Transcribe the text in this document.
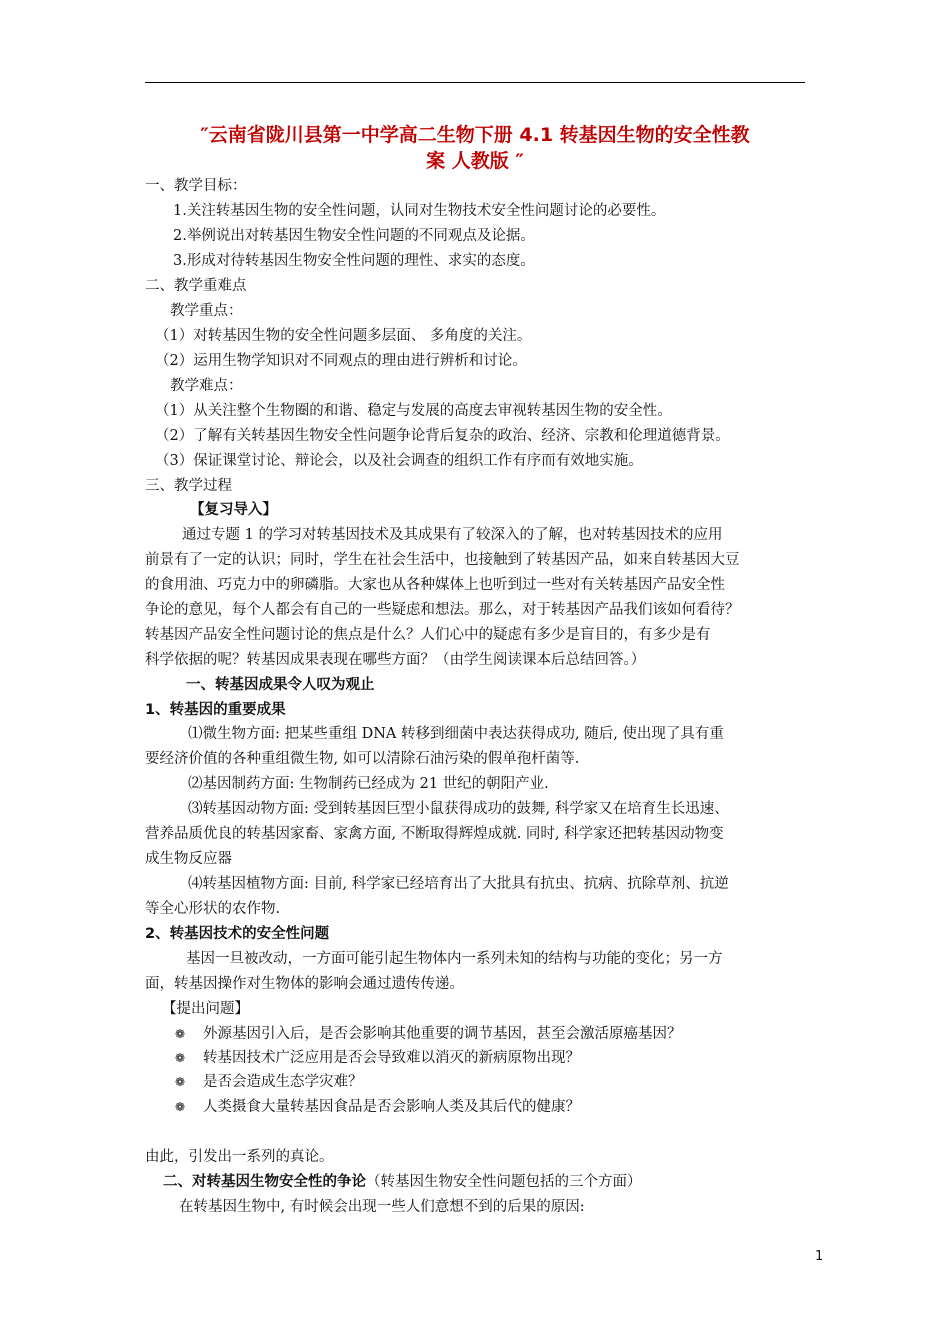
″云南省陇川县第一中学高二生物下册 4.1 转基因生物的安全性教
案 人教版 ″
一、教学目标：
1.关注转基因生物的安全性问题，认同对生物技术安全性问题讨论的必要性。
2.举例说出对转基因生物安全性问题的不同观点及论据。
3.形成对待转基因生物安全性问题的理性、求实的态度。
二、教学重难点
教学重点：
（1）对转基因生物的安全性问题多层面、 多角度的关注。
（2）运用生物学知识对不同观点的理由进行辨析和讨论。
教学难点：
（1）从关注整个生物圈的和谐、稳定与发展的高度去审视转基因生物的安全性。
（2）了解有关转基因生物安全性问题争论背后复杂的政治、经济、宗教和伦理道德背景。
（3）保证课堂讨论、辩论会，以及社会调查的组织工作有序而有效地实施。
三、教学过程
【复习导入】
通过专题 1 的学习对转基因技术及其成果有了较深入的了解，也对转基因技术的应用
前景有了一定的认识；同时，学生在社会生活中，也接触到了转基因产品，如来自转基因大豆
的食用油、巧克力中的卵磷脂。大家也从各种媒体上也听到过一些对有关转基因产品安全性
争论的意见，每个人都会有自己的一些疑虑和想法。那么，对于转基因产品我们该如何看待？
转基因产品安全性问题讨论的焦点是什么？人们心中的疑虑有多少是盲目的，有多少是有
科学依据的呢？转基因成果表现在哪些方面？（由学生阅读课本后总结回答。）
一、转基因成果令人叹为观止
1、转基因的重要成果
⑴微生物方面: 把某些重组 DNA 转移到细菌中表达获得成功, 随后, 使出现了具有重
要经济价值的各种重组微生物, 如可以清除石油污染的假单孢杆菌等.
⑵基因制药方面: 生物制药已经成为 21 世纪的朝阳产业.
⑶转基因动物方面: 受到转基因巨型小鼠获得成功的鼓舞, 科学家又在培育生长迅速、
营养品质优良的转基因家畜、家禽方面, 不断取得辉煌成就. 同时, 科学家还把转基因动物变
成生物反应器
⑷转基因植物方面: 目前, 科学家已经培育出了大批具有抗虫、抗病、抗除草剂、抗逆
等全心形状的农作物.
2、转基因技术的安全性问题
基因一旦被改动，一方面可能引起生物体内一系列未知的结构与功能的变化；另一方
面，转基因操作对生物体的影响会通过遗传传递。
【提出问题】
❁ 外源基因引入后，是否会影响其他重要的调节基因，甚至会激活原癌基因？
❁ 转基因技术广泛应用是否会导致难以消灭的新病原物出现？
❁ 是否会造成生态学灾难？
❁ 人类摄食大量转基因食品是否会影响人类及其后代的健康？
由此，引发出一系列的真论。
二、对转基因生物安全性的争论（转基因生物安全性问题包括的三个方面）
在转基因生物中, 有时候会出现一些人们意想不到的后果的原因:
1
